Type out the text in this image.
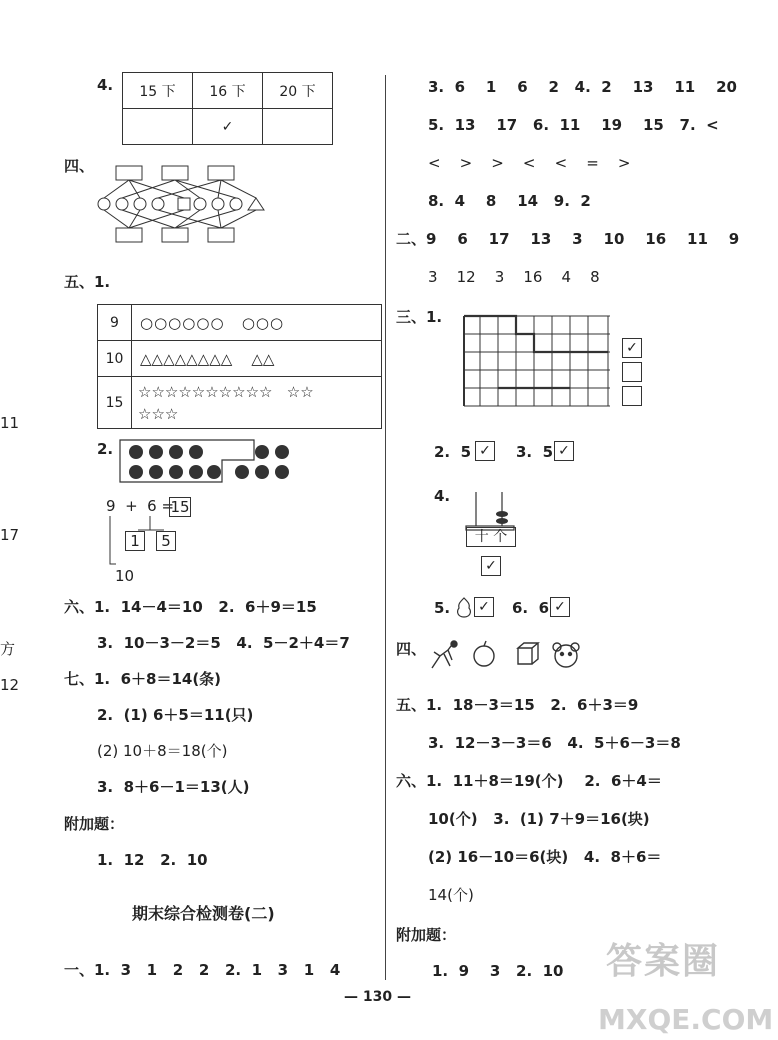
4. 15 下	16 下	20 下
	✓	
四、
五、1.
9	○○○○○○ ○○○
10	△△△△△△△△ △△
15	☆☆☆☆☆☆☆☆☆☆ ☆☆
☆☆☆
2.
9  +  6 =
15
1	5
10
六、1.  14－4＝10   2.  6＋9＝15
3.  10－3－2＝5   4.  5－2＋4＝7
七、1.  6＋8＝14(条)
2.  (1) 6＋5＝11(只)
(2) 10＋8＝18(个)
3.  8＋6－1＝13(人)
附加题：
1.  12   2.  10
期末综合检测卷(二)
一、1.  3   1   2   2   2.  1   3   1   4
11
17
方
12
3.  6    1    6    2   4.  2    13    11    20
5.  13    17   6.  11    19    15   7.  <
<    >    >    <    <    =    >
8.  4    8    14   9.  2
二、9    6    17    13    3    10    16    11    9
3    12    3    16    4    8
三、1.
✓
2.  5 ✓ 3.  5 ✓
4.
十 个
✓
5. ✓ 6.  6 ✓
四、
五、1.  18－3＝15   2.  6＋3＝9
3.  12－3－3＝6   4.  5＋6－3＝8
六、1.  11＋8＝19(个)    2.  6＋4＝
10(个)   3.  (1) 7＋9＝16(块)
(2) 16－10＝6(块)   4.  8＋6＝
14(个)
附加题：
1.  9    3   2.  10
— 130 —
答案圈
MXQE.COM
